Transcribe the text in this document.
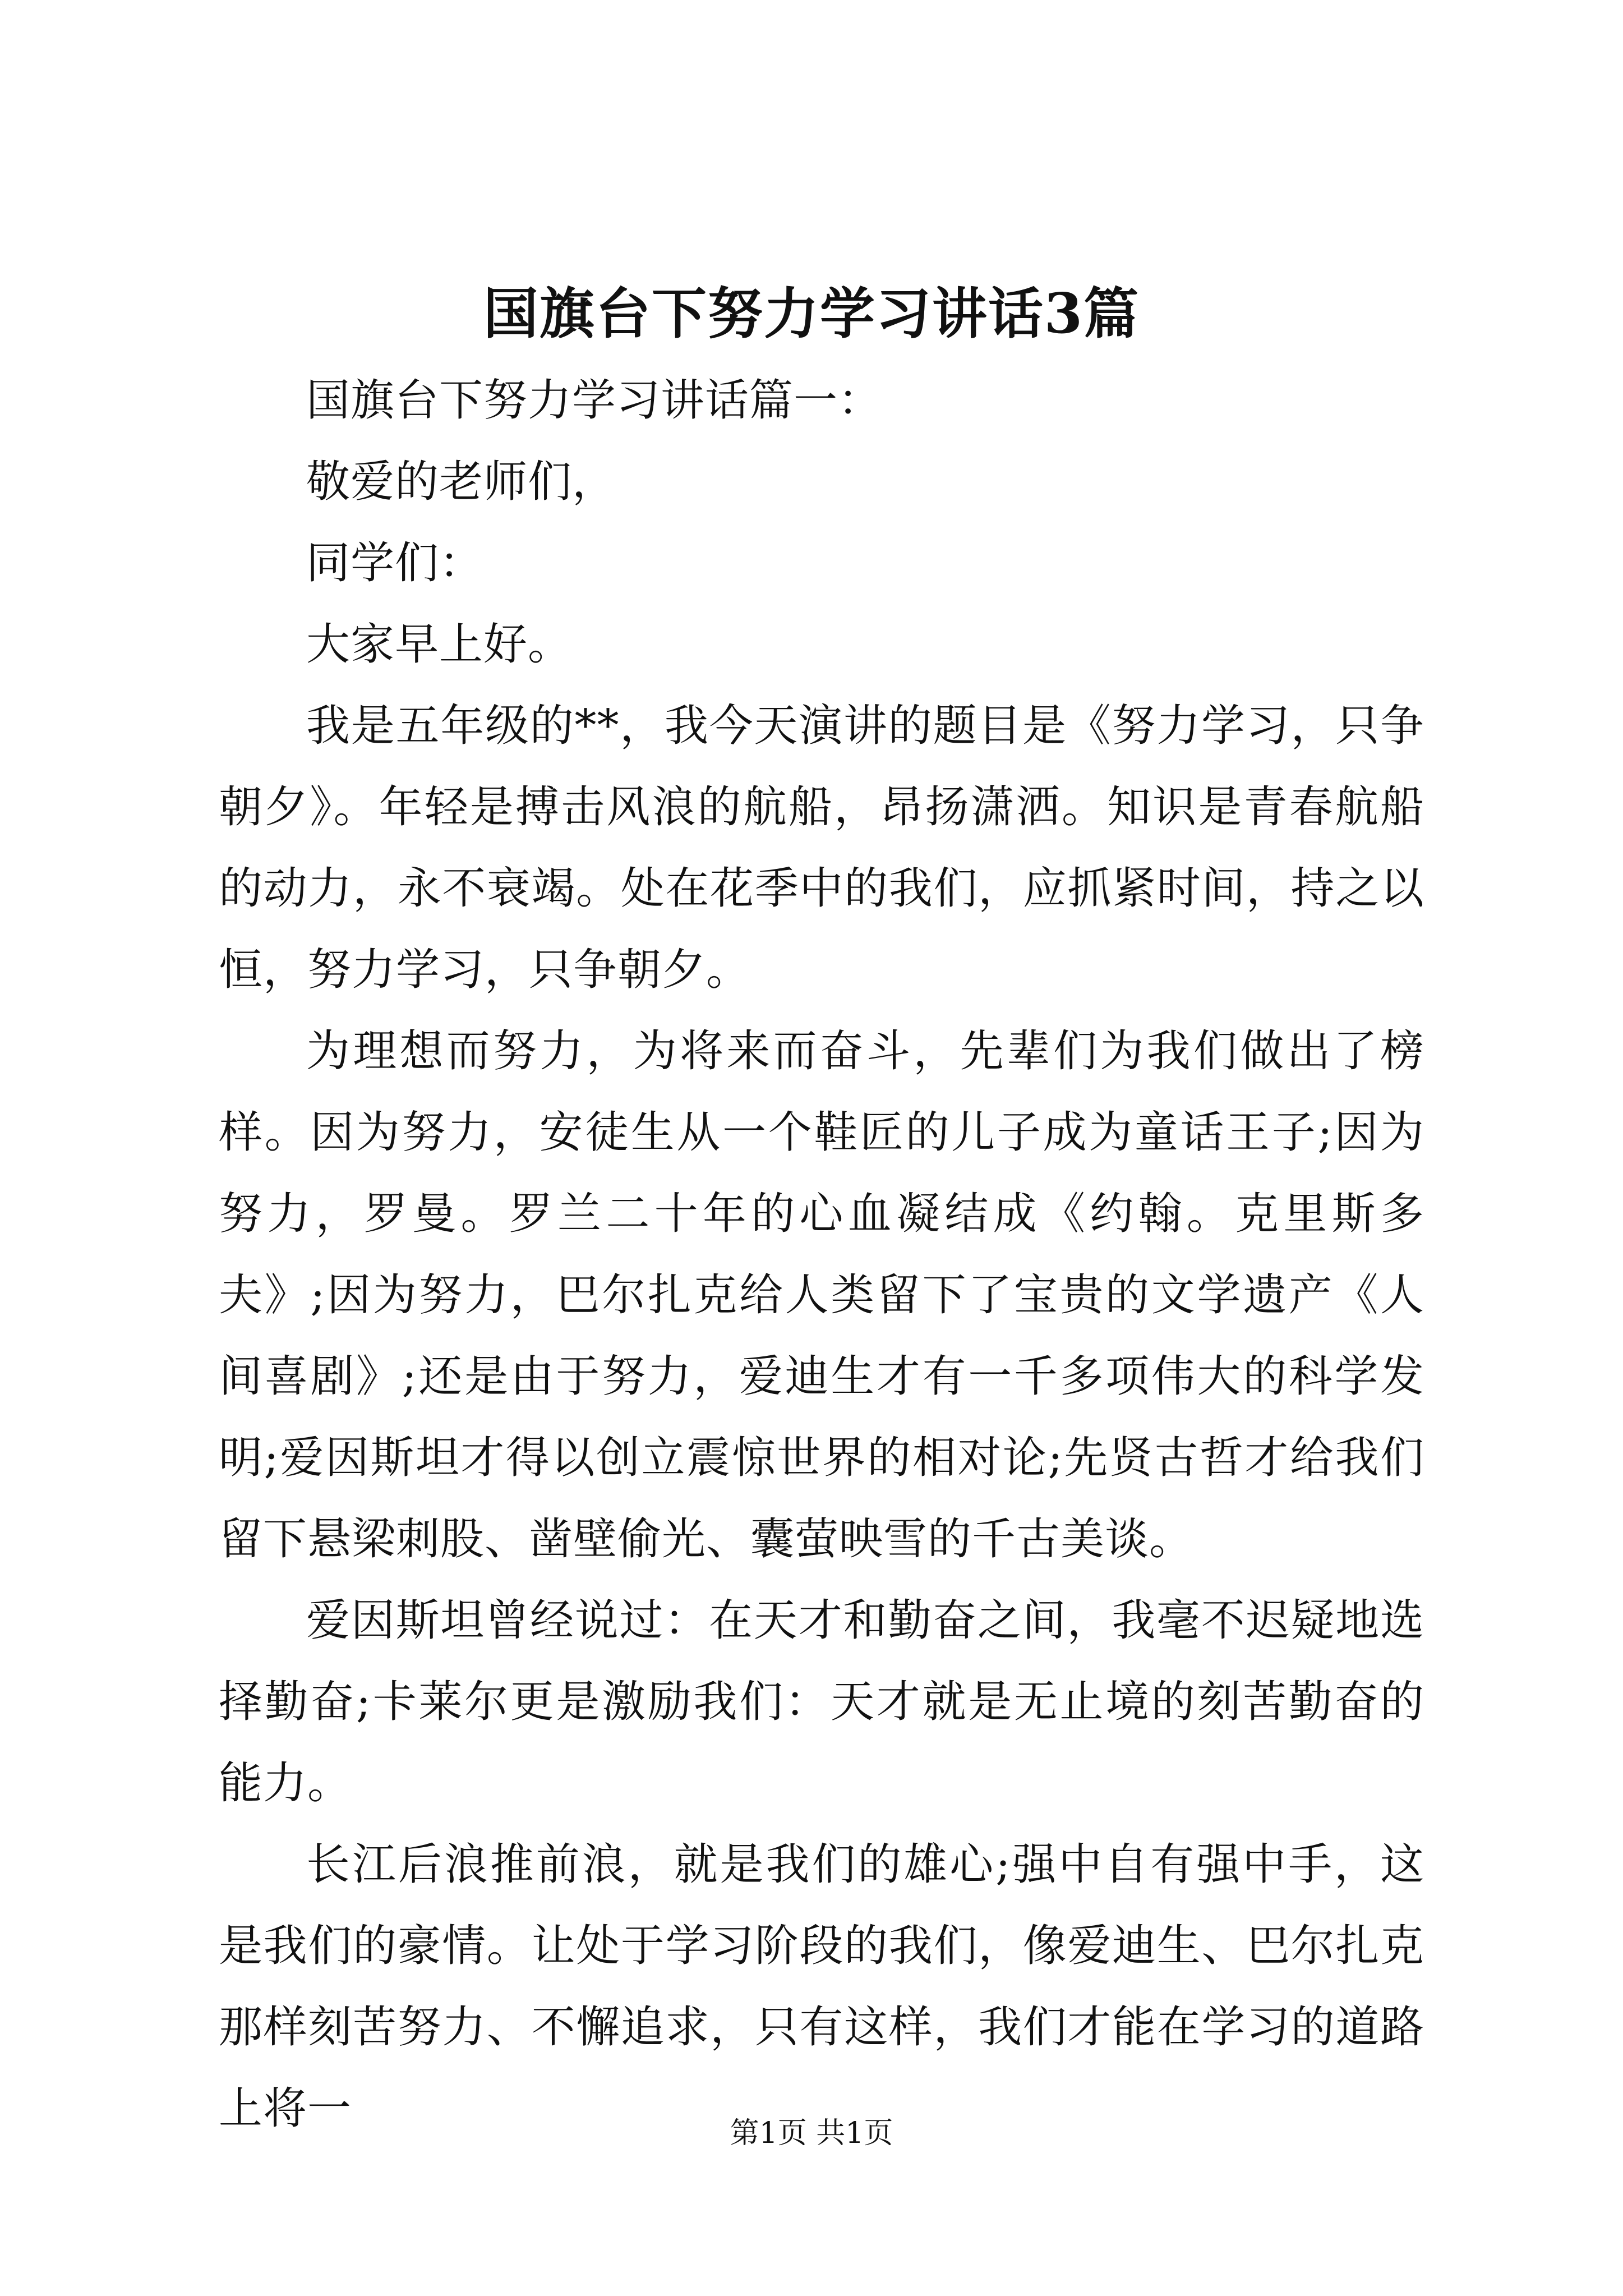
国旗台下努力学习讲话3篇

国旗台下努力学习讲话篇一：

敬爱的老师们，

同学们：

大家早上好。

我是五年级的**，我今天演讲的题目是《努力学习，只争朝夕》。年轻是搏击风浪的航船，昂扬潇洒。知识是青春航船的动力，永不衰竭。处在花季中的我们，应抓紧时间，持之以恒，努力学习，只争朝夕。

为理想而努力，为将来而奋斗，先辈们为我们做出了榜样。因为努力，安徒生从一个鞋匠的儿子成为童话王子;因为努力，罗曼。罗兰二十年的心血凝结成《约翰。克里斯多夫》;因为努力，巴尔扎克给人类留下了宝贵的文学遗产《人间喜剧》;还是由于努力，爱迪生才有一千多项伟大的科学发明;爱因斯坦才得以创立震惊世界的相对论;先贤古哲才给我们留下悬梁刺股、凿壁偷光、囊萤映雪的千古美谈。

爱因斯坦曾经说过：在天才和勤奋之间，我毫不迟疑地选择勤奋;卡莱尔更是激励我们：天才就是无止境的刻苦勤奋的能力。

长江后浪推前浪，就是我们的雄心;强中自有强中手，这是我们的豪情。让处于学习阶段的我们，像爱迪生、巴尔扎克那样刻苦努力、不懈追求，只有这样，我们才能在学习的道路上将一	第1页 共1页
